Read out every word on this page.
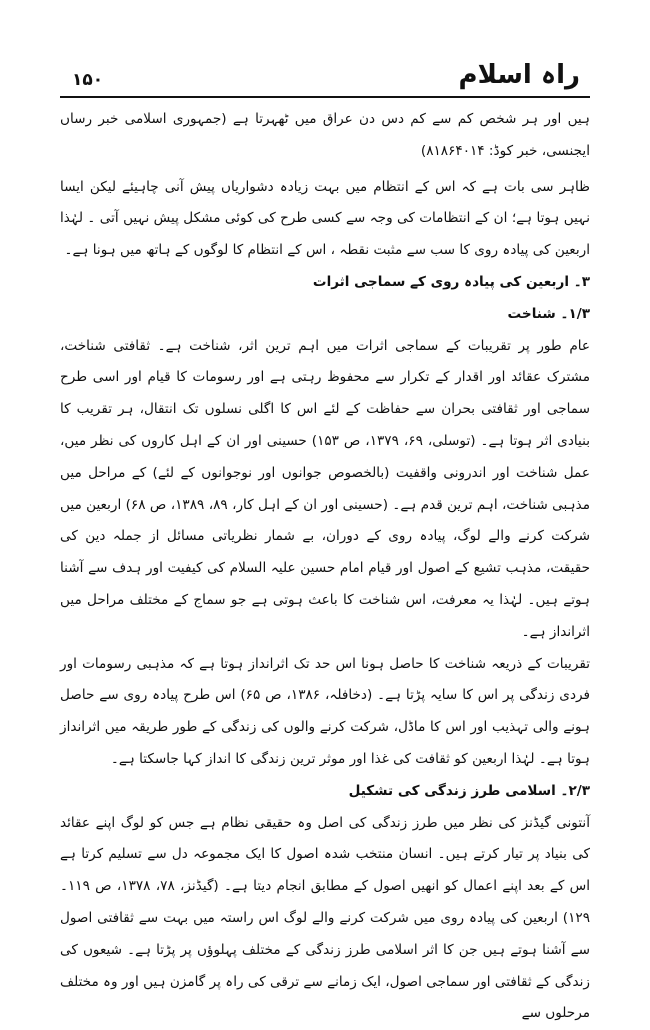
۱۵۰	راہ اسلام

ہیں اور ہر شخص کم سے کم دس دن عراق میں ٹھہرتا ہے (جمہوری اسلامی خبر رساں ایجنسی، خبر کوڈ: ۸۱۸۶۴۰۱۴)

ظاہر سی بات ہے کہ اس کے انتظام میں بہت زیادہ دشواریاں پیش آنی چاہیئے لیکن ایسا نہیں ہوتا ہے؛ ان کے انتظامات کی وجہ سے کسی طرح کی کوئی مشکل پیش نہیں آتی ۔ لہٰذا اربعین کی پیادہ روی کا سب سے مثبت نقطہ ، اس کے انتظام کا لوگوں کے ہاتھ میں ہونا ہے۔

۳۔ اربعین کی پیادہ روی کے سماجی اثرات

۱/۳۔ شناخت

عام طور پر تقریبات کے سماجی اثرات میں اہم ترین اثر، شناخت ہے۔ ثقافتی شناخت، مشترک عقائد اور اقدار کے تکرار سے محفوظ رہتی ہے اور رسومات کا قیام اور اسی طرح سماجی اور ثقافتی بحران سے حفاظت کے لئے اس کا اگلی نسلوں تک انتقال، ہر تقریب کا بنیادی اثر ہوتا ہے۔ (توسلی، ۶۹، ۱۳۷۹، ص ۱۵۳) حسینی اور ان کے اہل کاروں کی نظر میں، عمل شناخت اور اندرونی واقفیت (بالخصوص جوانوں اور نوجوانوں کے لئے) کے مراحل میں مذہبی شناخت، اہم ترین قدم ہے۔ (حسینی اور ان کے اہل کار، ۸۹، ۱۳۸۹، ص ۶۸) اربعین میں شرکت کرنے والے لوگ، پیادہ روی کے دوران، بے شمار نظریاتی مسائل از جملہ دین کی حقیقت، مذہب تشیع کے اصول اور قیام امام حسین علیہ السلام کی کیفیت اور ہدف سے آشنا ہوتے ہیں۔ لہٰذا یہ معرفت، اس شناخت کا باعث ہوتی ہے جو سماج کے مختلف مراحل میں اثرانداز ہے۔

تقریبات کے ذریعہ شناخت کا حاصل ہونا اس حد تک اثرانداز ہوتا ہے کہ مذہبی رسومات اور فردی زندگی پر اس کا سایہ پڑتا ہے۔ (دخافلہ، ۱۳۸۶، ص ۶۵) اس طرح پیادہ روی سے حاصل ہونے والی تہذیب اور اس کا ماڈل، شرکت کرنے والوں کی زندگی کے طور طریقہ میں اثرانداز ہوتا ہے۔ لہٰذا اربعین کو ثقافت کی غذا اور موثر ترین زندگی کا انداز کہا جاسکتا ہے۔

۲/۳۔ اسلامی طرز زندگی کی تشکیل

آنتونی گیڈنز کی نظر میں طرز زندگی کی اصل وہ حقیقی نظام ہے جس کو لوگ اپنے عقائد کی بنیاد پر تیار کرتے ہیں۔ انسان منتخب شدہ اصول کا ایک مجموعہ دل سے تسلیم کرتا ہے اس کے بعد اپنے اعمال کو انھیں اصول کے مطابق انجام دیتا ہے۔ (گیڈنز، ۷۸، ۱۳۷۸، ص ۱۱۹۔ ۱۲۹) اربعین کی پیادہ روی میں شرکت کرنے والے لوگ اس راستہ میں بہت سے ثقافتی اصول سے آشنا ہوتے ہیں جن کا اثر اسلامی طرز زندگی کے مختلف پہلوؤں پر پڑتا ہے۔ شیعوں کی زندگی کے ثقافتی اور سماجی اصول، ایک زمانے سے ترقی کی راہ پر گامزن ہیں اور وہ مختلف مرحلوں سے
